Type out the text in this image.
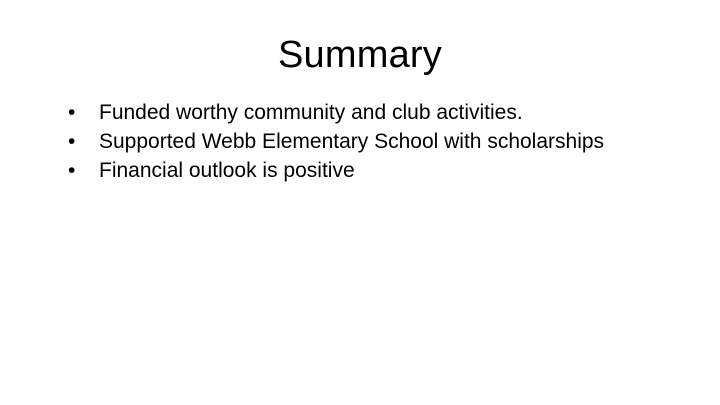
Summary
•	Funded worthy community and club activities.
•	Supported Webb Elementary School with scholarships
•	Financial outlook is positive
